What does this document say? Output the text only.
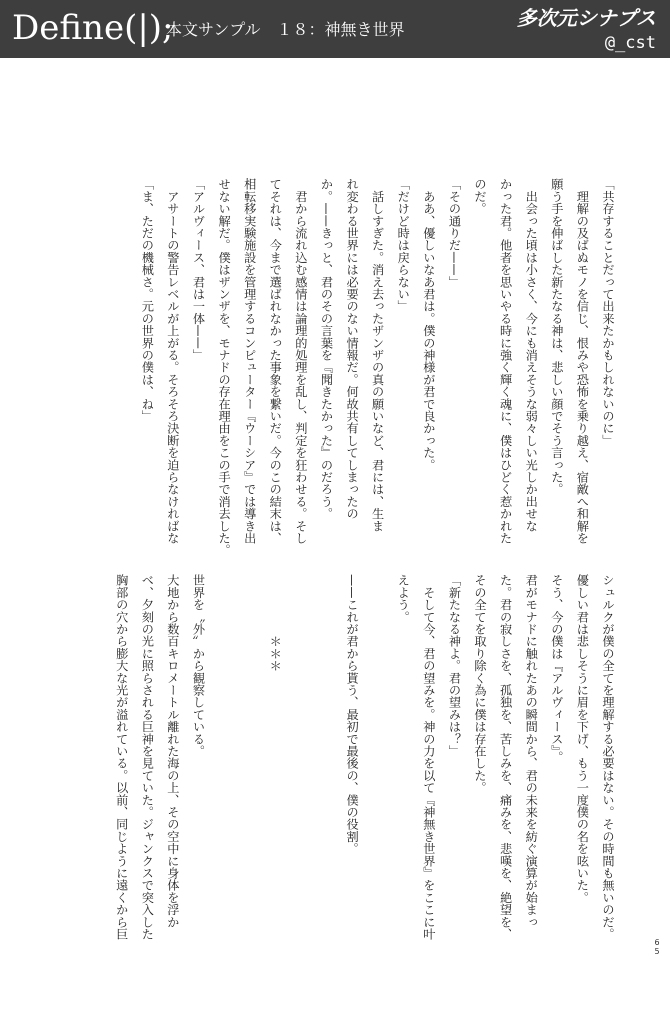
Define(|);
本文サンプル　１８：神無き世界	多次元シナプス
@_cst
「共存することだって出来たかもしれないのに」
　理解の及ばぬモノを信じ、恨みや恐怖を乗り越え、宿敵へ和解を
願う手を伸ばした新たなる神は、悲しい顔でそう言った。
　出会った頃は小さく、今にも消えそうな弱々しい光しか出せな
かった君。他者を思いやる時に強く輝く魂に、僕はひどく惹かれた
のだ。
「その通りだ——」
　ああ、優しいなあ君は。僕の神様が君で良かった。
「だけど時は戻らない」
　話しすぎた。消え去ったザンザの真の願いなど、君には、生ま
れ変わる世界には必要のない情報だ。何故共有してしまったの
か。——きっと、君のその言葉を『聞きたかった』のだろう。
　君から流れ込む感情は論理的処理を乱し、判定を狂わせる。そし
てそれは、今まで選ばれなかった事象を繋いだ。今のこの結末は、
相転移実験施設を管理するコンピューター『ウーシア』では導き出
せない解だ。僕はザンザを、モナドの存在理由をこの手で消去した。
「アルヴィース、君は一体——」
　アサートの警告レベルが上がる。そろそろ決断を迫らなければな
「ま、ただの機械さ。元の世界の僕は、ね」
シュルクが僕の全てを理解する必要はない。その時間も無いのだ。
優しい君は悲しそうに眉を下げ、もう一度僕の名を呟いた。
そう、今の僕は『アルヴィース』。
君がモナドに触れたあの瞬間から、君の未来を紡ぐ演算が始まっ
た。君の寂しさを、孤独を、苦しみを、痛みを、悲嘆を、絶望を、
その全てを取り除く為に僕は存在した。
「新たなる神よ。君の望みは？」
　そして今、君の望みを。神の力を以て『神無き世界』をここに叶
えよう。
——これが君から貰う、最初で最後の、僕の役割。
　　　　　＊＊＊
世界を〝外〟から観察している。
大地から数百キロメートル離れた海の上、その空中に身体を浮か
べ、夕刻の光に照らされる巨神を見ていた。ジャンクスで突入した
胸部の穴から膨大な光が溢れている。以前、同じように遠くから巨
6
5
